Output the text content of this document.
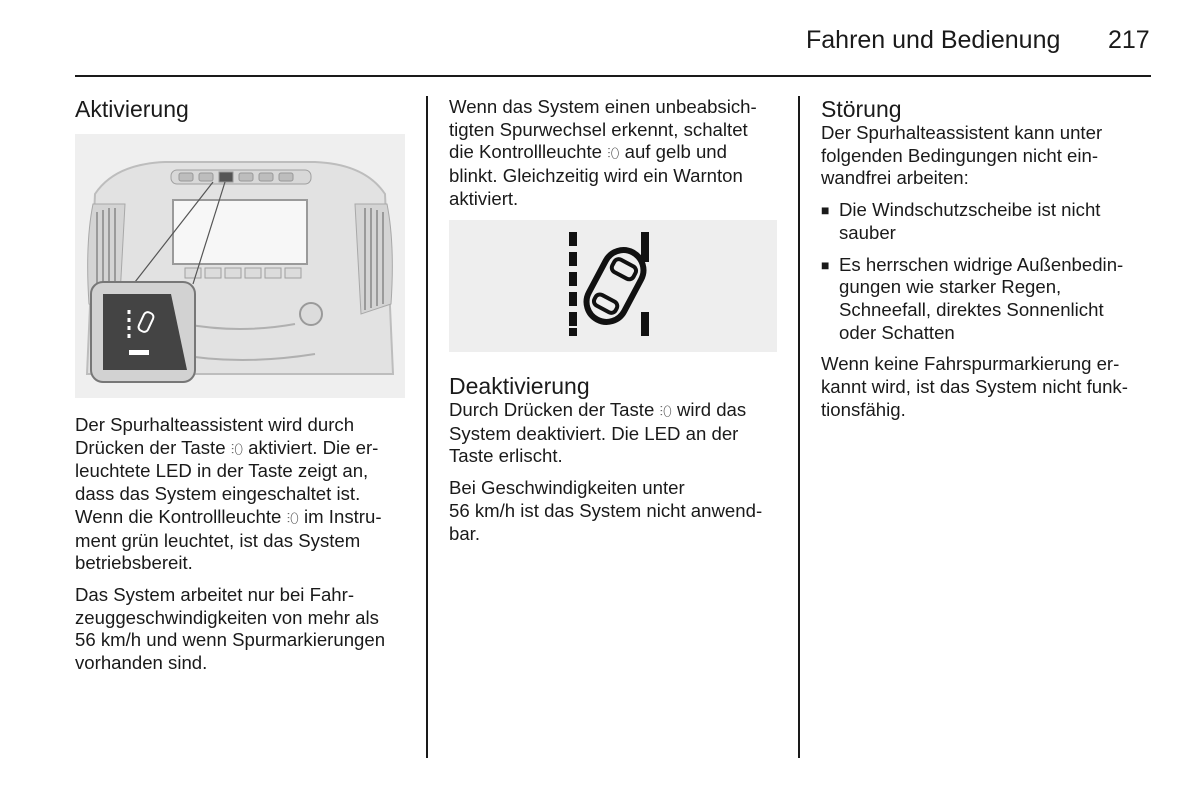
Fahren und Bedienung 217
Aktivierung

Der Spurhalteassistent wird durch
Drücken der Taste ⫶⬯ aktiviert. Die er-
leuchtete LED in der Taste zeigt an,
dass das System eingeschaltet ist.
Wenn die Kontrollleuchte ⫶⬯ im Instru-
ment grün leuchtet, ist das System
betriebsbereit.

Das System arbeitet nur bei Fahr-
zeuggeschwindigkeiten von mehr als
56 km/h und wenn Spurmarkierungen
vorhanden sind.

Wenn das System einen unbeabsich-
tigten Spurwechsel erkennt, schaltet
die Kontrollleuchte ⫶⬯ auf gelb und
blinkt. Gleichzeitig wird ein Warnton
aktiviert.

Deaktivierung

Durch Drücken der Taste ⫶⬯ wird das
System deaktiviert. Die LED an der
Taste erlischt.

Bei Geschwindigkeiten unter
56 km/h ist das System nicht anwend-
bar.

Störung

Der Spurhalteassistent kann unter
folgenden Bedingungen nicht ein-
wandfrei arbeiten:

■ Die Windschutzscheibe ist nicht
sauber
■ Es herrschen widrige Außenbedin-
gungen wie starker Regen,
Schneefall, direktes Sonnenlicht
oder Schatten

Wenn keine Fahrspurmarkierung er-
kannt wird, ist das System nicht funk-
tionsfähig.
